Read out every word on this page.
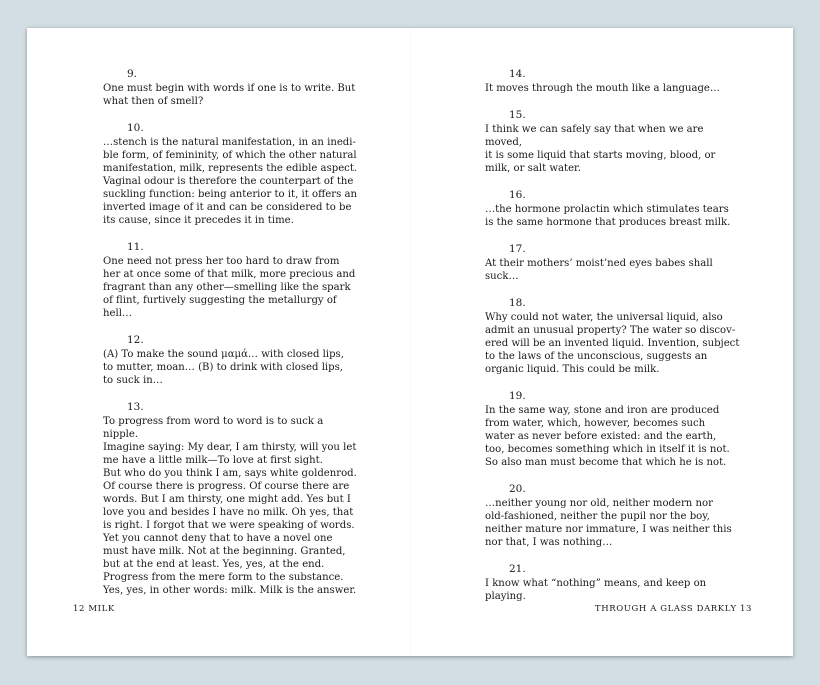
9.
One must begin with words if one is to write. But
what then of smell?
10.
…stench is the natural manifestation, in an inedi-
ble form, of femininity, of which the other natural
manifestation, milk, represents the edible aspect.
Vaginal odour is therefore the counterpart of the
suckling function: being anterior to it, it offers an
inverted image of it and can be considered to be
its cause, since it precedes it in time.
11.
One need not press her too hard to draw from
her at once some of that milk, more precious and
fragrant than any other—smelling like the spark
of flint, furtively suggesting the metallurgy of
hell…
12.
(A) To make the sound μαμά… with closed lips,
to mutter, moan… (B) to drink with closed lips,
to suck in…
13.
To progress from word to word is to suck a nipple.
Imagine saying: My dear, I am thirsty, will you let
me have a little milk—To love at first sight.
But who do you think I am, says white goldenrod.
Of course there is progress. Of course there are
words. But I am thirsty, one might add. Yes but I
love you and besides I have no milk. Oh yes, that
is right. I forgot that we were speaking of words.
Yet you cannot deny that to have a novel one
must have milk. Not at the beginning. Granted,
but at the end at least. Yes, yes, at the end.
Progress from the mere form to the substance.
Yes, yes, in other words: milk. Milk is the answer.
14.
It moves through the mouth like a language…
15.
I think we can safely say that when we are moved,
it is some liquid that starts moving, blood, or
milk, or salt water.
16.
…the hormone prolactin which stimulates tears
is the same hormone that produces breast milk.
17.
At their mothers’ moist’ned eyes babes shall suck…
18.
Why could not water, the universal liquid, also
admit an unusual property? The water so discov-
ered will be an invented liquid. Invention, subject
to the laws of the unconscious, suggests an
organic liquid. This could be milk.
19.
In the same way, stone and iron are produced
from water, which, however, becomes such
water as never before existed: and the earth,
too, becomes something which in itself it is not.
So also man must become that which he is not.
20.
…neither young nor old, neither modern nor
old-fashioned, neither the pupil nor the boy,
neither mature nor immature, I was neither this
nor that, I was nothing…
21.
I know what “nothing” means, and keep on playing.
12 MILK	THROUGH A GLASS DARKLY 13
